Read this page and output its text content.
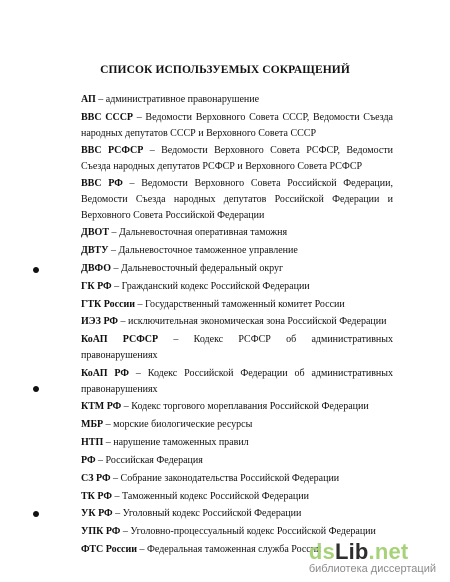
СПИСОК ИСПОЛЬЗУЕМЫХ СОКРАЩЕНИЙ
АП – административное правонарушение
ВВС СССР – Ведомости Верховного Совета СССР, Ведомости Съезда народных депутатов СССР и Верховного Совета СССР
ВВС РСФСР – Ведомости Верховного Совета РСФСР, Ведомости Съезда народных депутатов РСФСР и Верховного Совета РСФСР
ВВС РФ – Ведомости Верховного Совета Российской Федерации, Ведомости Съезда народных депутатов Российской Федерации и Верховного Совета Российской Федерации
ДВОТ – Дальневосточная оперативная таможня
ДВТУ – Дальневосточное таможенное управление
ДВФО – Дальневосточный федеральный округ
ГК РФ – Гражданский кодекс Российской Федерации
ГТК России – Государственный таможенный комитет России
ИЭЗ РФ – исключительная экономическая зона Российской Федерации
КоАП РСФСР – Кодекс РСФСР об административных правонарушениях
КоАП РФ – Кодекс Российской Федерации об административных правонарушениях
КТМ РФ – Кодекс торгового мореплавания Российской Федерации
МБР – морские биологические ресурсы
НТП – нарушение таможенных правил
РФ – Российская Федерация
СЗ РФ – Собрание законодательства Российской Федерации
ТК РФ – Таможенный кодекс Российской Федерации
УК РФ – Уголовный кодекс Российской Федерации
УПК РФ – Уголовно-процессуальный кодекс Российской Федерации
ФТС России – Федеральная таможенная служба России
dsLib.net
библиотека диссертаций
